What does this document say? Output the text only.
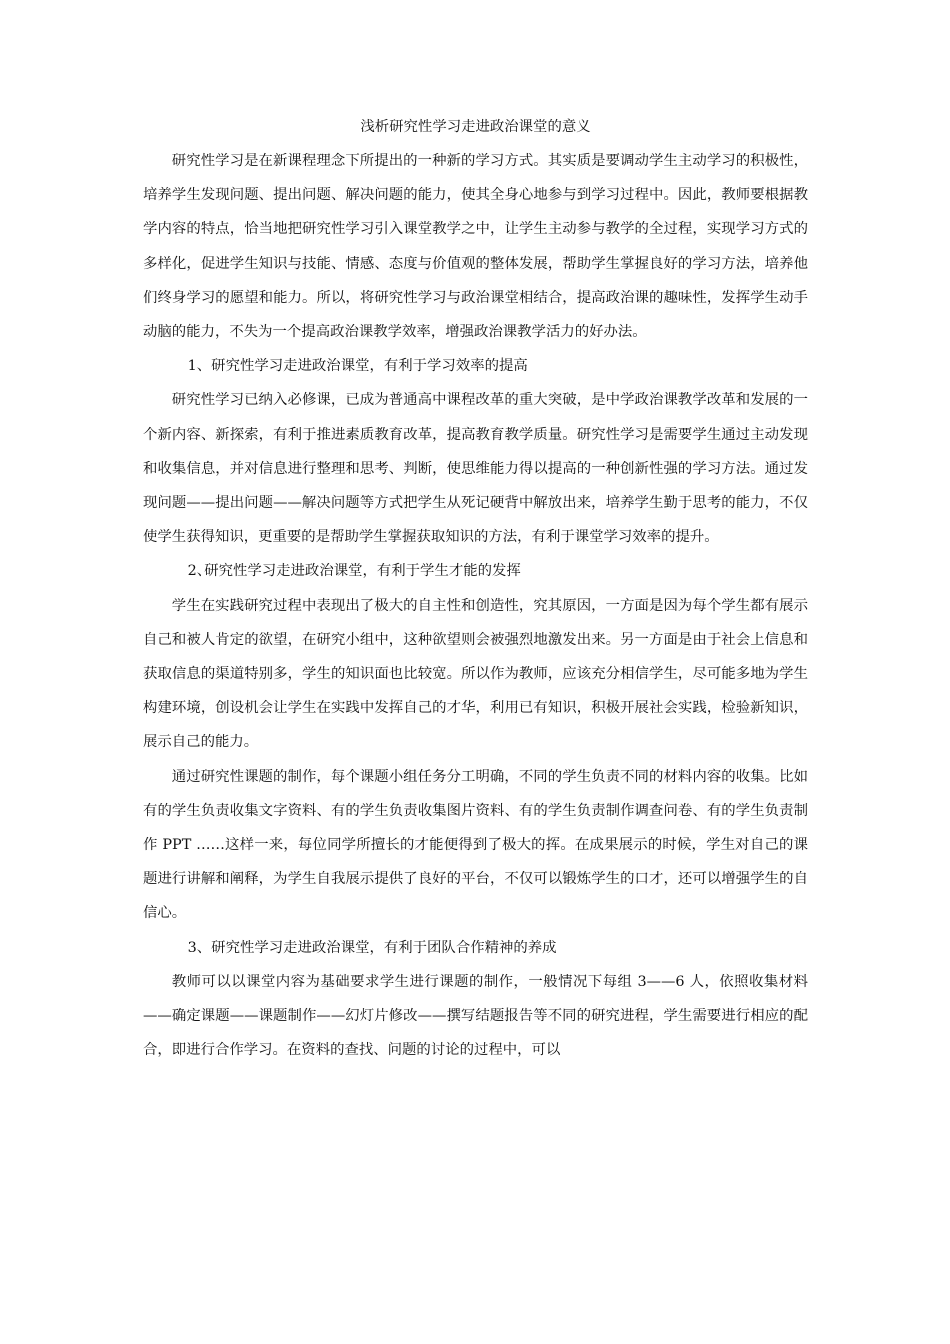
浅析研究性学习走进政治课堂的意义

研究性学习是在新课程理念下所提出的一种新的学习方式。其实质是要调动学生主动学习的积极性，培养学生发现问题、提出问题、解决问题的能力，使其全身心地参与到学习过程中。因此，教师要根据教学内容的特点，恰当地把研究性学习引入课堂教学之中，让学生主动参与教学的全过程，实现学习方式的多样化，促进学生知识与技能、情感、态度与价值观的整体发展，帮助学生掌握良好的学习方法，培养他们终身学习的愿望和能力。所以，将研究性学习与政治课堂相结合，提高政治课的趣味性，发挥学生动手动脑的能力，不失为一个提高政治课教学效率，增强政治课教学活力的好办法。

1、研究性学习走进政治课堂，有利于学习效率的提高

研究性学习已纳入必修课，已成为普通高中课程改革的重大突破，是中学政治课教学改革和发展的一个新内容、新探索，有利于推进素质教育改革，提高教育教学质量。研究性学习是需要学生通过主动发现和收集信息，并对信息进行整理和思考、判断，使思维能力得以提高的一种创新性强的学习方法。通过发现问题——提出问题——解决问题等方式把学生从死记硬背中解放出来，培养学生勤于思考的能力，不仅使学生获得知识，更重要的是帮助学生掌握获取知识的方法，有利于课堂学习效率的提升。

2、研究性学习走进政治课堂，有利于学生才能的发挥

学生在实践研究过程中表现出了极大的自主性和创造性，究其原因，一方面是因为每个学生都有展示自己和被人肯定的欲望，在研究小组中，这种欲望则会被强烈地激发出来。另一方面是由于社会上信息和获取信息的渠道特别多，学生的知识面也比较宽。所以作为教师，应该充分相信学生，尽可能多地为学生构建环境，创设机会让学生在实践中发挥自己的才华，利用已有知识，积极开展社会实践，检验新知识，展示自己的能力。

通过研究性课题的制作，每个课题小组任务分工明确，不同的学生负责不同的材料内容的收集。比如有的学生负责收集文字资料、有的学生负责收集图片资料、有的学生负责制作调查问卷、有的学生负责制作 PPT ……这样一来，每位同学所擅长的才能便得到了极大的挥。在成果展示的时候，学生对自己的课题进行讲解和阐释，为学生自我展示提供了良好的平台，不仅可以锻炼学生的口才，还可以增强学生的自信心。

3、研究性学习走进政治课堂，有利于团队合作精神的养成

教师可以以课堂内容为基础要求学生进行课题的制作，一般情况下每组 3——6 人，依照收集材料——确定课题——课题制作——幻灯片修改——撰写结题报告等不同的研究进程，学生需要进行相应的配合，即进行合作学习。在资料的查找、问题的讨论的过程中，可以
